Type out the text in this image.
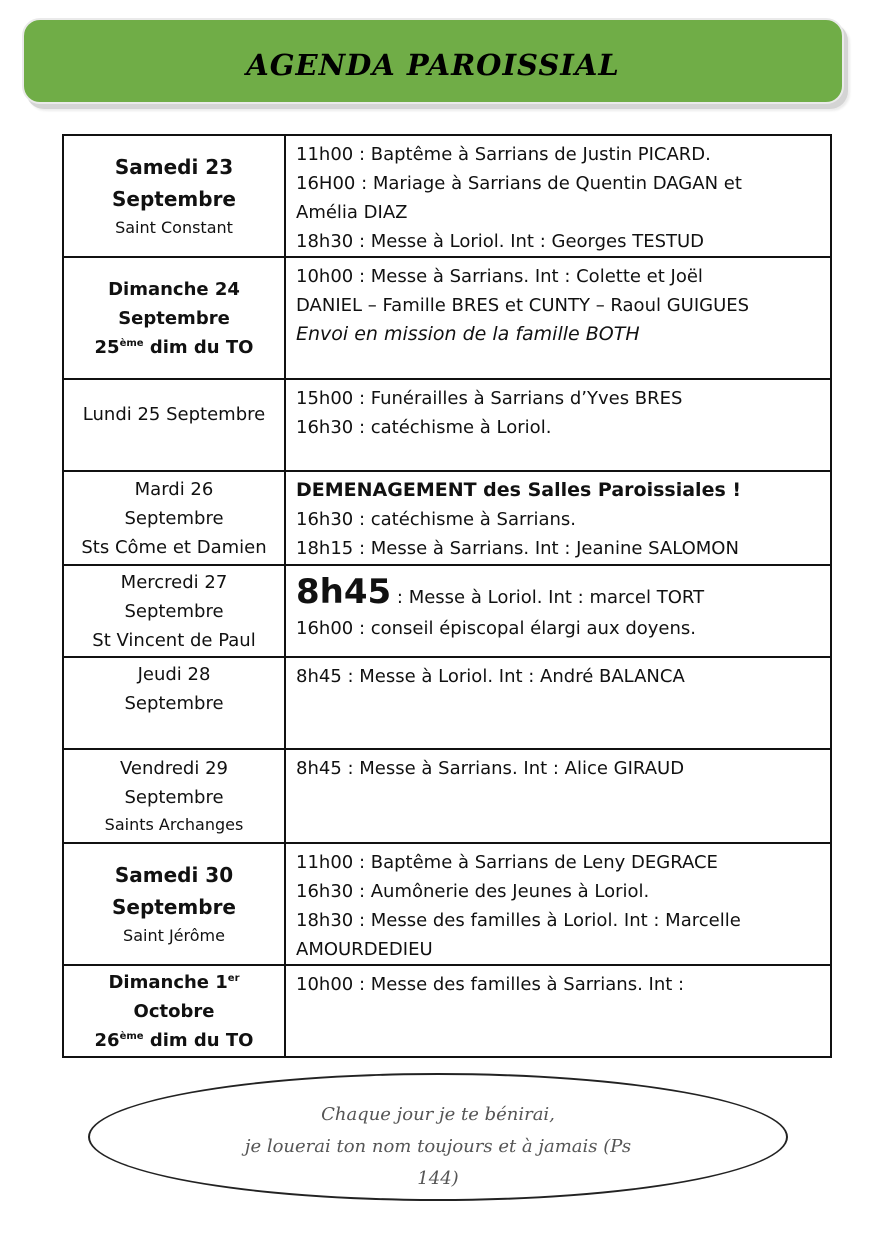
AGENDA PAROISSIAL
Samedi 23
Septembre
Saint Constant	11h00 : Baptême à Sarrians de Justin PICARD.
16H00 : Mariage à Sarrians de Quentin DAGAN et
Amélia DIAZ
18h30 : Messe à Loriol. Int : Georges TESTUD

Dimanche 24
Septembre
25ème dim du TO	10h00 : Messe à Sarrians. Int : Colette et Joël
DANIEL – Famille BRES et CUNTY – Raoul GUIGUES
Envoi en mission de la famille BOTH

Lundi 25 Septembre	15h00 : Funérailles à Sarrians d’Yves BRES
16h30 : catéchisme à Loriol.

Mardi 26
Septembre
Sts Côme et Damien	DEMENAGEMENT des Salles Paroissiales !
16h30 : catéchisme à Sarrians.
18h15 : Messe à Sarrians. Int : Jeanine SALOMON

Mercredi 27
Septembre
St Vincent de Paul	8h45 : Messe à Loriol. Int : marcel TORT
16h00 : conseil épiscopal élargi aux doyens.

Jeudi 28
Septembre	8h45 : Messe à Loriol. Int : André BALANCA

Vendredi 29
Septembre
Saints Archanges	8h45 : Messe à Sarrians. Int : Alice GIRAUD

Samedi 30
Septembre
Saint Jérôme	11h00 : Baptême à Sarrians de Leny DEGRACE
16h30 : Aumônerie des Jeunes à Loriol.
18h30 : Messe des familles à Loriol. Int : Marcelle
AMOURDEDIEU

Dimanche 1er
Octobre
26ème dim du TO	10h00 : Messe des familles à Sarrians. Int :
Chaque jour je te bénirai,
je louerai ton nom toujours et à jamais (Ps
144)
